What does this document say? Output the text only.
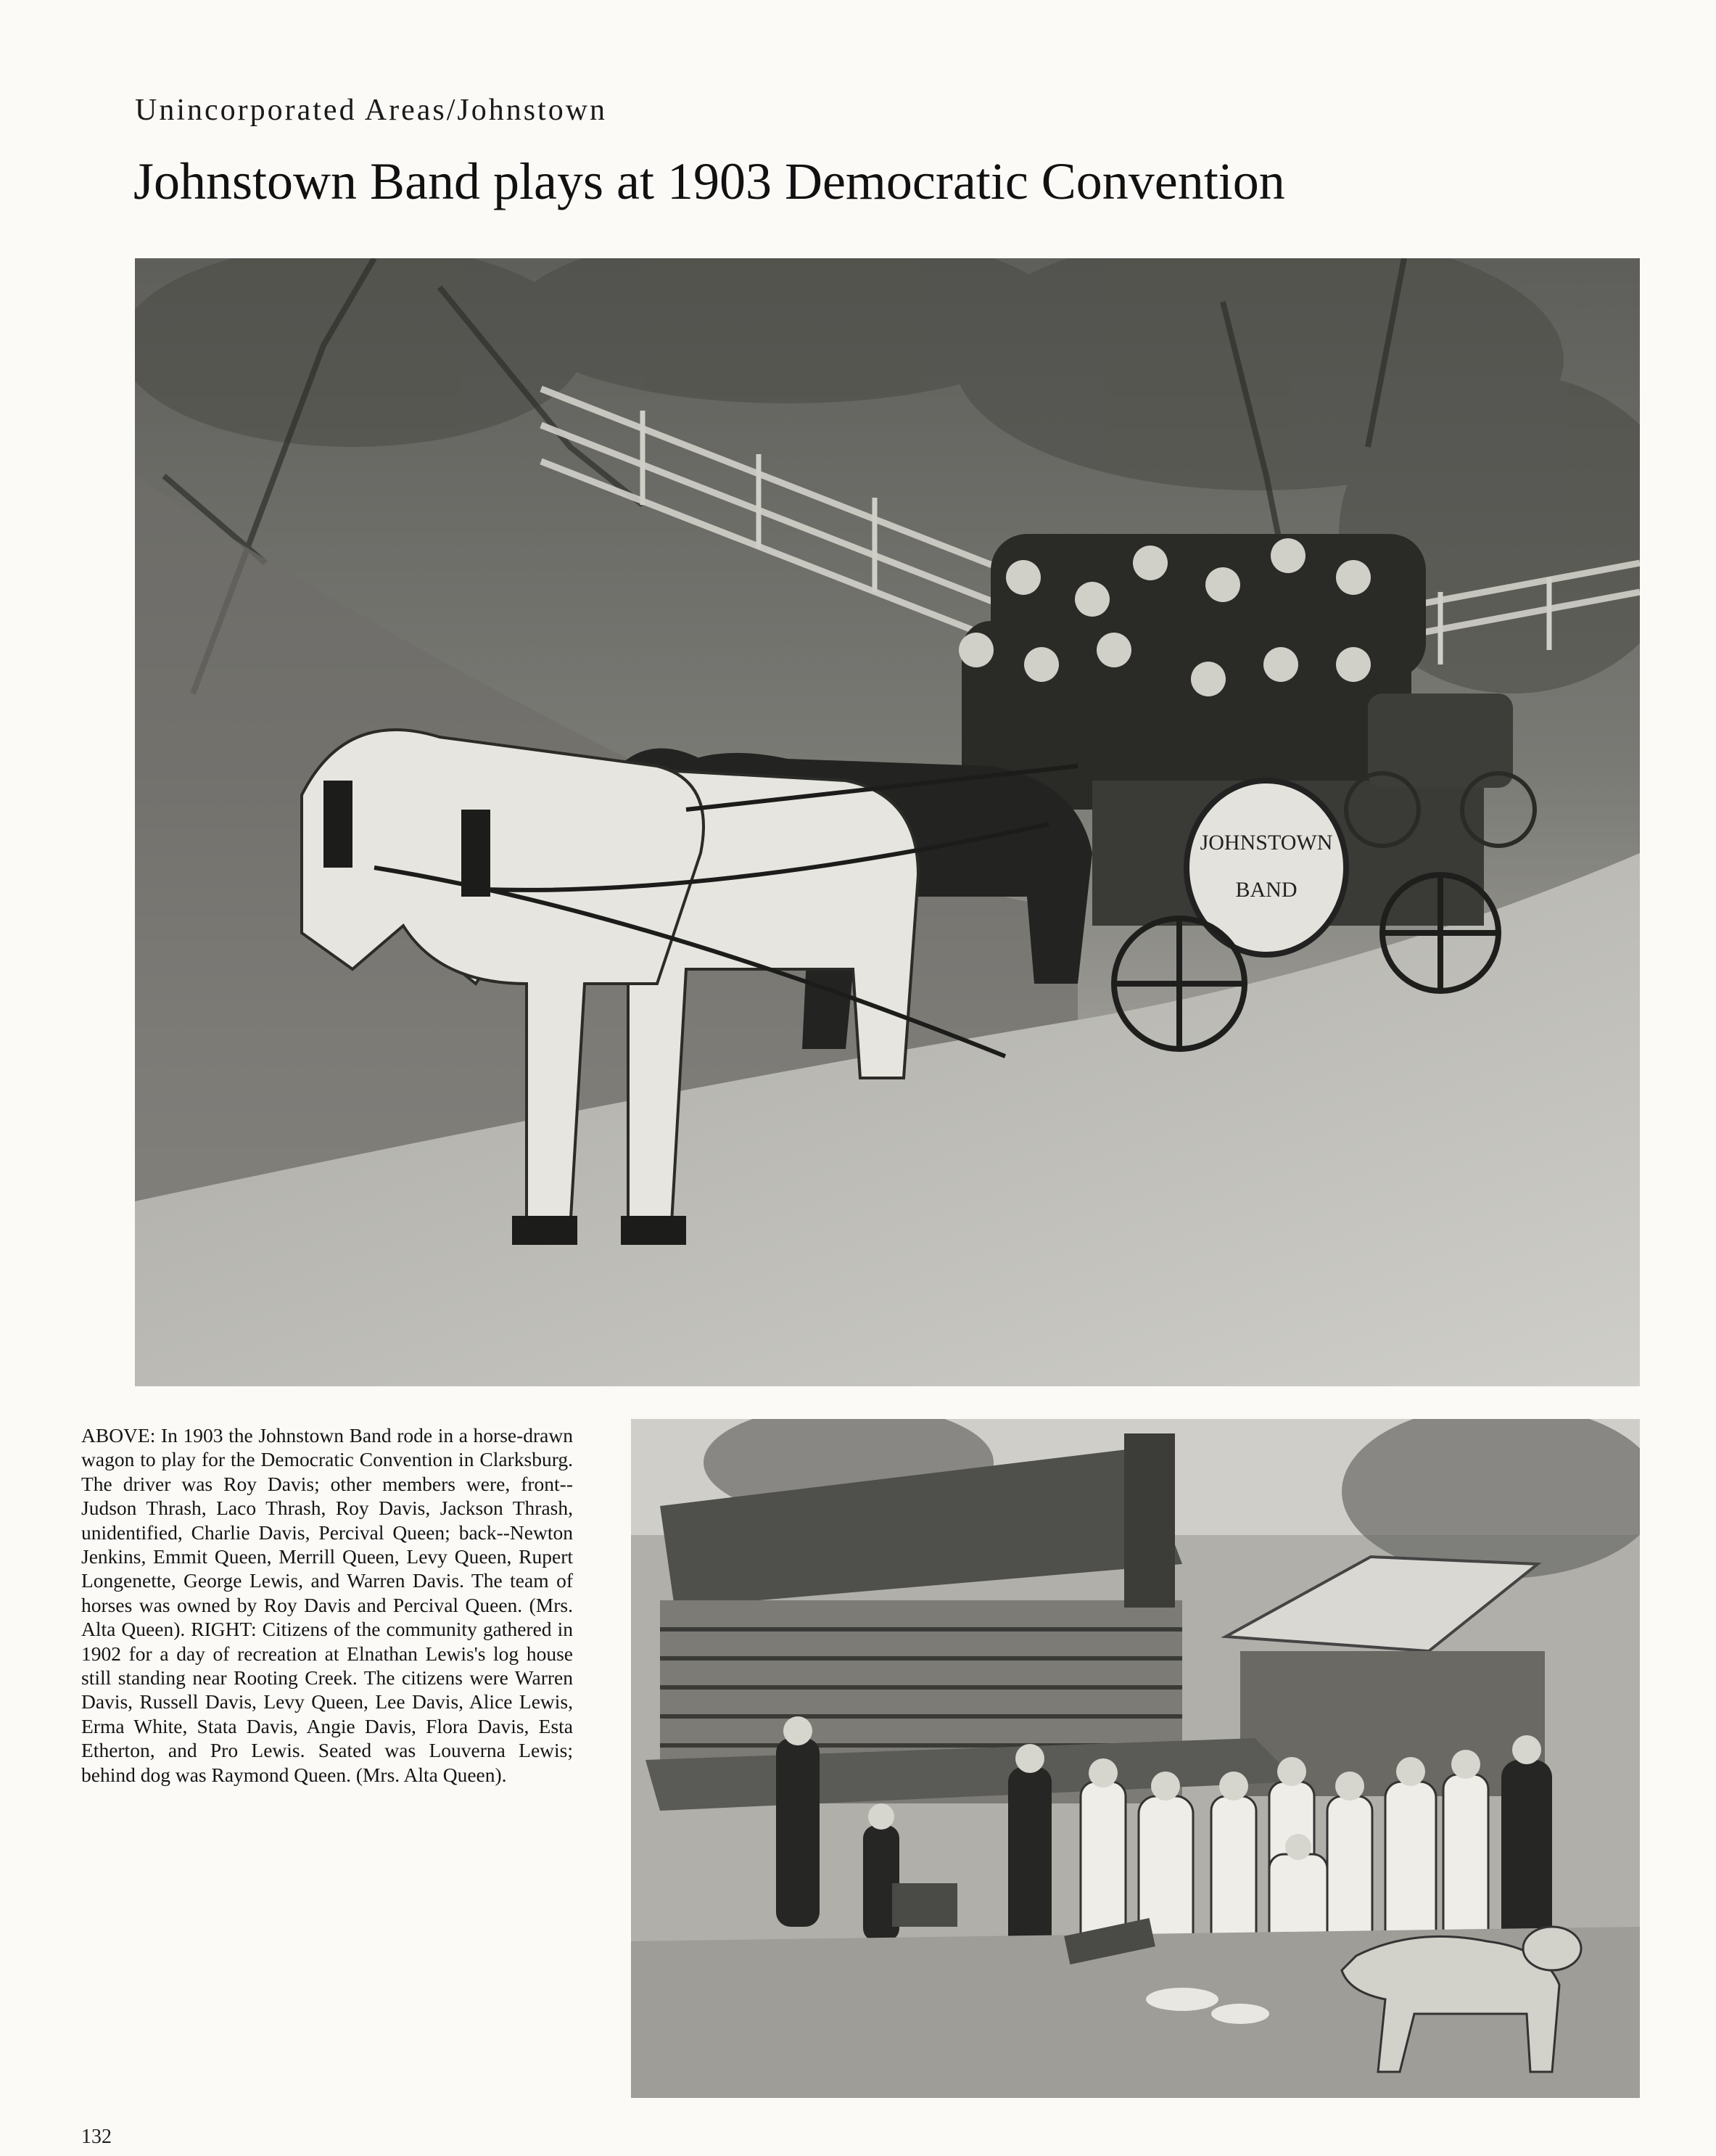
Unincorporated Areas/Johnstown
Johnstown Band plays at 1903 Democratic Convention
JOHNSTOWN
BAND
ABOVE: In 1903 the Johnstown Band rode in a horse-drawn wagon to play for the Democratic Convention in Clarksburg. The driver was Roy Davis; other members were, front--Judson Thrash, Laco Thrash, Roy Davis, Jackson Thrash, unidentified, Charlie Davis, Percival Queen; back--Newton Jenkins, Emmit Queen, Merrill Queen, Levy Queen, Rupert Longenette, George Lewis, and Warren Davis. The team of horses was owned by Roy Davis and Percival Queen. (Mrs. Alta Queen). RIGHT: Citizens of the community gathered in 1902 for a day of recreation at Elnathan Lewis's log house still standing near Rooting Creek. The citizens were Warren Davis, Russell Davis, Levy Queen, Lee Davis, Alice Lewis, Erma White, Stata Davis, Angie Davis, Flora Davis, Esta Etherton, and Pro Lewis. Seated was Louverna Lewis; behind dog was Raymond Queen. (Mrs. Alta Queen).
132
